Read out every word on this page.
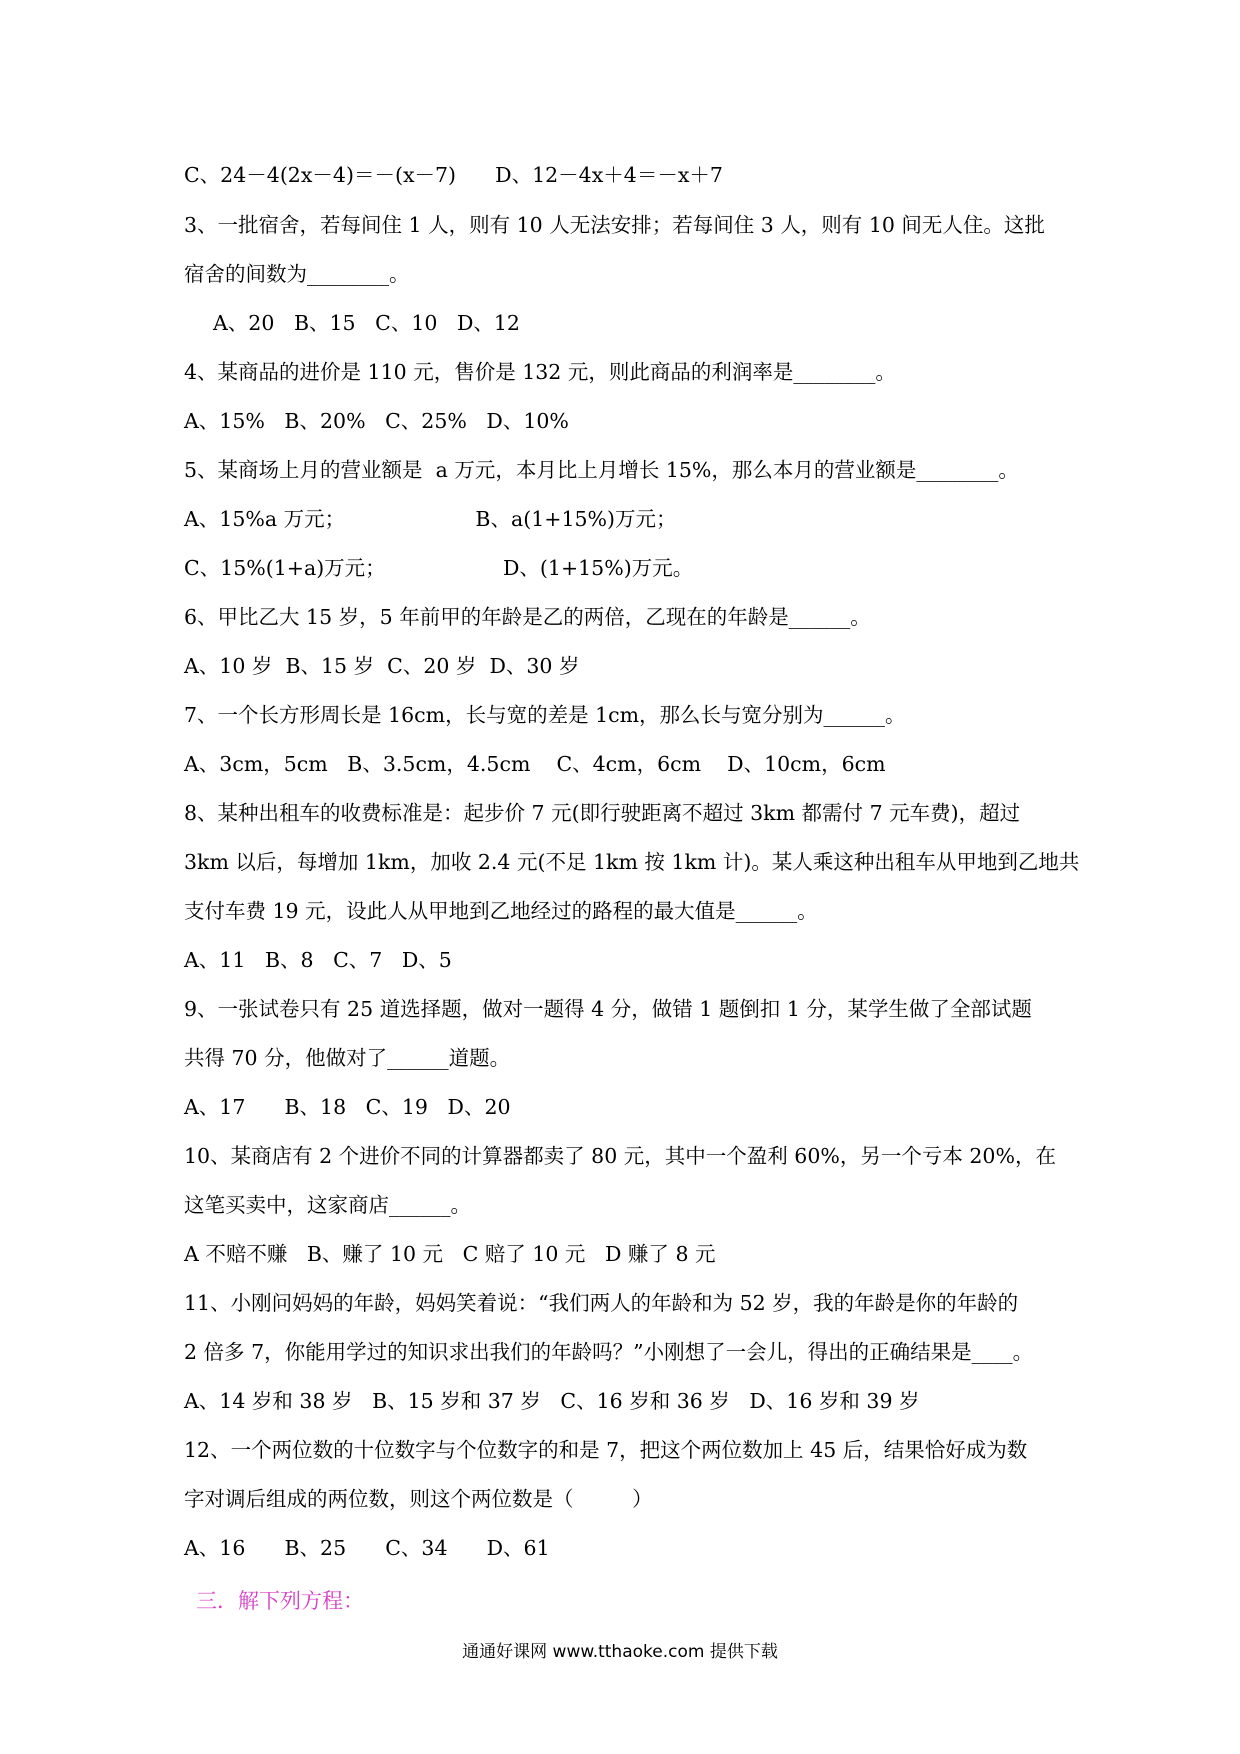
C、24－4(2x－4)＝－(x－7)      D、12－4x＋4＝－x＋7
3、一批宿舍，若每间住 1 人，则有 10 人无法安排；若每间住 3 人，则有 10 间无人住。这批
宿舍的间数为________。
A、20   B、15   C、10   D、12
4、某商品的进价是 110 元，售价是 132 元，则此商品的利润率是________。
A、15%   B、20%   C、25%   D、10%
5、某商场上月的营业额是  a 万元，本月比上月增长 15%，那么本月的营业额是________。
A、15%a 万元；                    B、a(1+15%)万元；
C、15%(1+a)万元；                  D、(1+15%)万元。
6、甲比乙大 15 岁，5 年前甲的年龄是乙的两倍，乙现在的年龄是______。
A、10 岁  B、15 岁  C、20 岁  D、30 岁
7、一个长方形周长是 16cm，长与宽的差是 1cm，那么长与宽分别为______。
A、3cm，5cm   B、3.5cm，4.5cm    C、4cm，6cm    D、10cm，6cm
8、某种出租车的收费标准是：起步价 7 元(即行驶距离不超过 3km 都需付 7 元车费)，超过
3km 以后，每增加 1km，加收 2.4 元(不足 1km 按 1km 计)。某人乘这种出租车从甲地到乙地共
支付车费 19 元，设此人从甲地到乙地经过的路程的最大值是______。
A、11   B、8   C、7   D、5
9、一张试卷只有 25 道选择题，做对一题得 4 分，做错 1 题倒扣 1 分，某学生做了全部试题
共得 70 分，他做对了______道题。
A、17      B、18   C、19   D、20
10、某商店有 2 个进价不同的计算器都卖了 80 元，其中一个盈利 60%，另一个亏本 20%，在
这笔买卖中，这家商店______。
A 不赔不赚   B、赚了 10 元   C 赔了 10 元   D 赚了 8 元
11、小刚问妈妈的年龄，妈妈笑着说：“我们两人的年龄和为 52 岁，我的年龄是你的年龄的
2 倍多 7，你能用学过的知识求出我们的年龄吗？”小刚想了一会儿，得出的正确结果是____。
A、14 岁和 38 岁   B、15 岁和 37 岁   C、16 岁和 36 岁   D、16 岁和 39 岁
12、一个两位数的十位数字与个位数字的和是 7，把这个两位数加上 45 后，结果恰好成为数
字对调后组成的两位数，则这个两位数是（         ）
A、16      B、25      C、34      D、61
三．解下列方程：
通通好课网 www.tthaoke.com 提供下载
